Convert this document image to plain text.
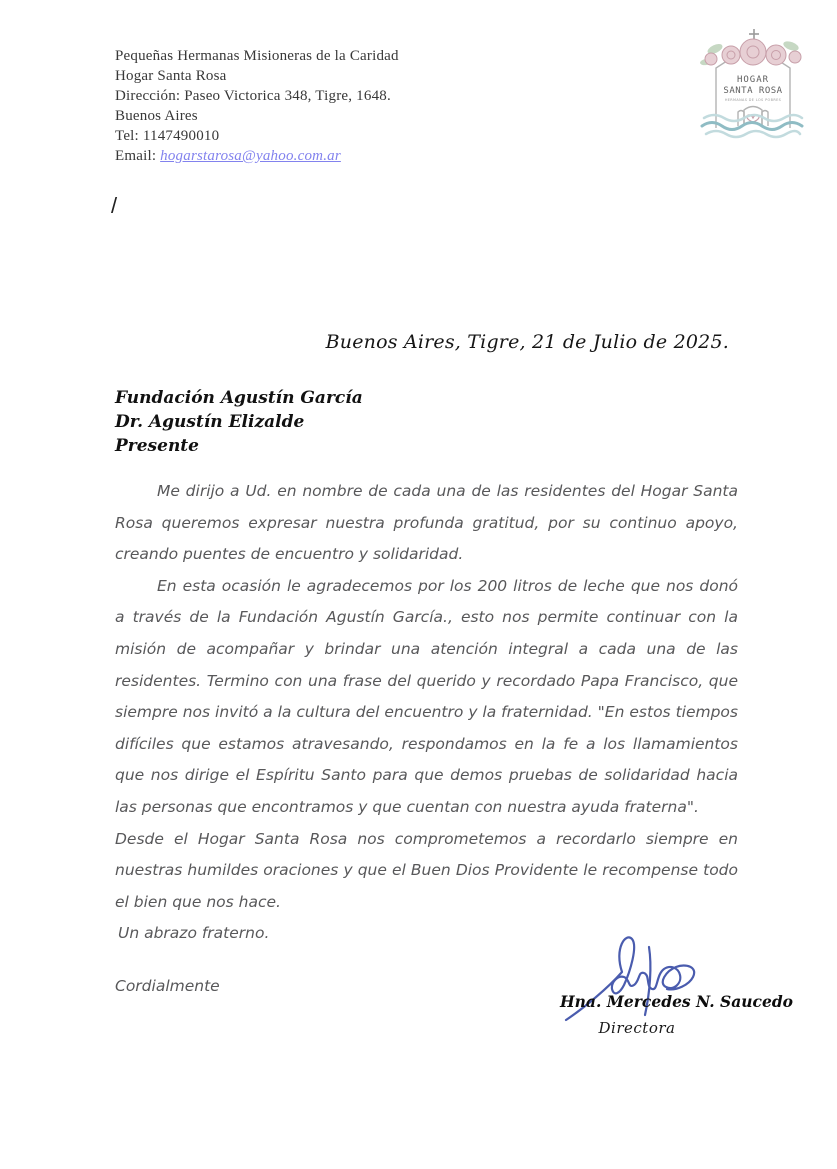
Pequeñas Hermanas Misioneras de la Caridad
Hogar Santa Rosa
Dirección: Paseo Victorica 348, Tigre, 1648.
Buenos Aires
Tel: 1147490010
Email: hogarstarosa@yahoo.com.ar
HOGAR
SANTA ROSA
HERMANAS DE LOS POBRES
/
Buenos Aires, Tigre, 21 de Julio de 2025.
Fundación Agustín García
Dr. Agustín Elizalde
Presente

Me dirijo a Ud. en nombre de cada una de las residentes del Hogar Santa Rosa queremos expresar nuestra profunda gratitud, por su continuo apoyo, creando puentes de encuentro y solidaridad.

En esta ocasión le agradecemos por los 200 litros de leche que nos donó a través de la Fundación Agustín García., esto nos permite continuar con la misión de acompañar y brindar una atención integral a cada una de las residentes. Termino con una frase del querido y recordado Papa Francisco, que siempre nos invitó a la cultura del encuentro y la fraternidad. "En estos tiempos difíciles que estamos atravesando, respondamos en la fe a los llamamientos que nos dirige el Espíritu Santo para que demos pruebas de solidaridad hacia las personas que encontramos y que cuentan con nuestra ayuda fraterna".

Desde el Hogar Santa Rosa nos comprometemos a recordarlo siempre en nuestras humildes oraciones y que el Buen Dios Providente le recompense todo el bien que nos hace.

Un abrazo fraterno.

Cordialmente

Hna. Mercedes N. Saucedo
Directora
